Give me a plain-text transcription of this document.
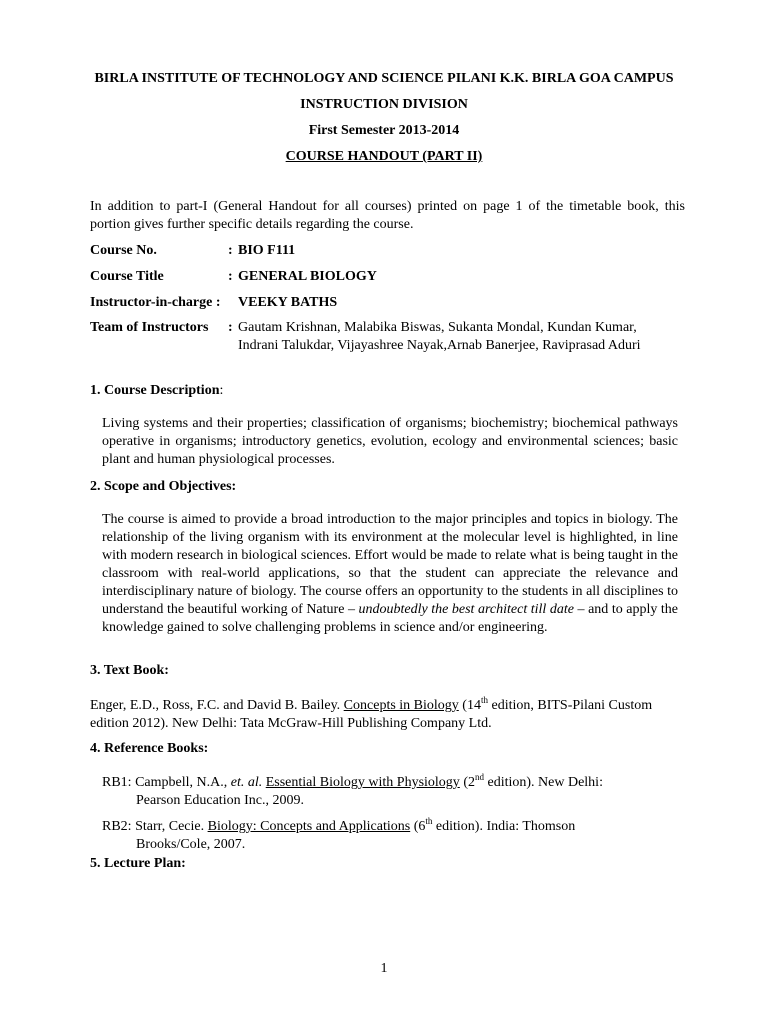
BIRLA INSTITUTE OF TECHNOLOGY AND SCIENCE PILANI K.K. BIRLA GOA CAMPUS
INSTRUCTION DIVISION
First Semester 2013-2014
COURSE HANDOUT (PART II)
In addition to part-I (General Handout for all courses) printed on page 1 of the timetable book, this portion gives further specific details regarding the course.
Course No.	: BIO F111
Course Title	: GENERAL BIOLOGY
Instructor-in-charge :	VEEKY BATHS
Team of Instructors	: Gautam Krishnan, Malabika Biswas, Sukanta Mondal, Kundan Kumar, Indrani Talukdar, Vijayashree Nayak,Arnab Banerjee, Raviprasad Aduri
1. Course Description:
Living systems and their properties; classification of organisms; biochemistry; biochemical pathways operative in organisms; introductory genetics, evolution, ecology and environmental sciences; basic plant and human physiological processes.
2. Scope and Objectives:
The course is aimed to provide a broad introduction to the major principles and topics in biology. The relationship of the living organism with its environment at the molecular level is highlighted, in line with modern research in biological sciences. Effort would be made to relate what is being taught in the classroom with real-world applications, so that the student can appreciate the relevance and interdisciplinary nature of biology. The course offers an opportunity to the students in all disciplines to understand the beautiful working of Nature – undoubtedly the best architect till date – and to apply the knowledge gained to solve challenging problems in science and/or engineering.
3. Text Book:
Enger, E.D., Ross, F.C. and David B. Bailey. Concepts in Biology (14th edition, BITS-Pilani Custom edition 2012). New Delhi: Tata McGraw-Hill Publishing Company Ltd.
4. Reference Books:
RB1: Campbell, N.A., et. al. Essential Biology with Physiology (2nd edition). New Delhi:
Pearson Education Inc., 2009.
RB2: Starr, Cecie. Biology: Concepts and Applications (6th edition). India: Thomson
Brooks/Cole, 2007.
5. Lecture Plan:
1
